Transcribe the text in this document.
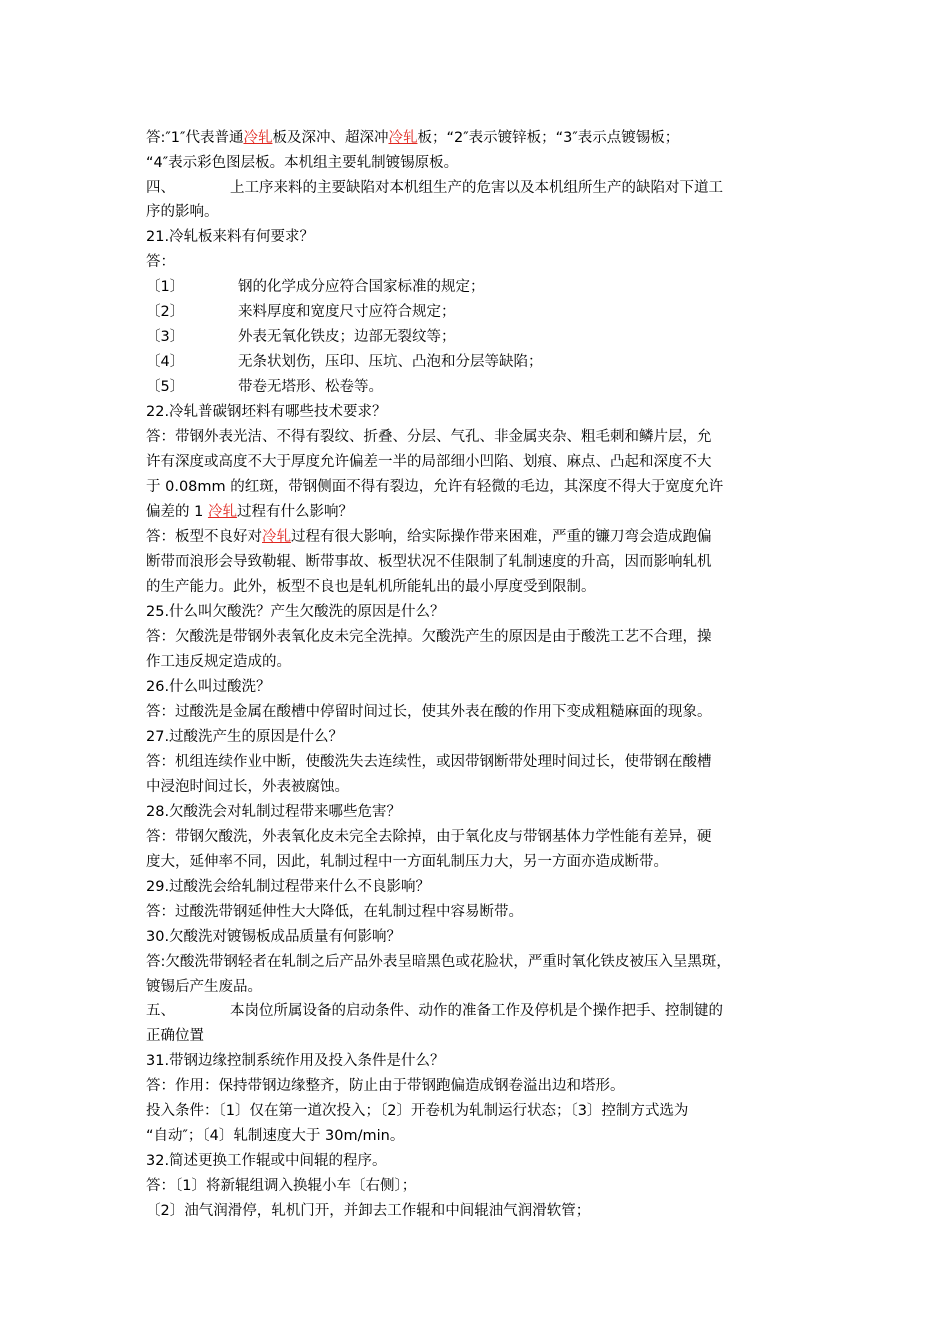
答:″1″代表普通冷轧板及深冲、超深冲冷轧板；“2″表示镀锌板；“3″表示点镀锡板；
“4″表示彩色图层板。本机组主要轧制镀锡原板。
四、	上工序来料的主要缺陷对本机组生产的危害以及本机组所生产的缺陷对下道工
序的影响。
21.冷轧板来料有何要求？
答：
〔1〕	钢的化学成分应符合国家标准的规定；
〔2〕	来料厚度和宽度尺寸应符合规定；
〔3〕	外表无氧化铁皮；边部无裂纹等；
〔4〕	无条状划伤，压印、压坑、凸泡和分层等缺陷；
〔5〕	带卷无塔形、松卷等。
22.冷轧普碳钢坯料有哪些技术要求？
答：带钢外表光洁、不得有裂纹、折叠、分层、气孔、非金属夹杂、粗毛刺和鳞片层，允
许有深度或高度不大于厚度允许偏差一半的局部细小凹陷、划痕、麻点、凸起和深度不大
于 0.08mm 的红斑，带钢侧面不得有裂边，允许有轻微的毛边，其深度不得大于宽度允许
偏差的 1 冷轧过程有什么影响？
答：板型不良好对冷轧过程有很大影响，给实际操作带来困难，严重的镰刀弯会造成跑偏
断带而浪形会导致勒辊、断带事故、板型状况不佳限制了轧制速度的升高，因而影响轧机
的生产能力。此外，板型不良也是轧机所能轧出的最小厚度受到限制。
25.什么叫欠酸洗？产生欠酸洗的原因是什么？
答：欠酸洗是带钢外表氧化皮未完全洗掉。欠酸洗产生的原因是由于酸洗工艺不合理，操
作工违反规定造成的。
26.什么叫过酸洗？
答：过酸洗是金属在酸槽中停留时间过长，使其外表在酸的作用下变成粗糙麻面的现象。
27.过酸洗产生的原因是什么？
答：机组连续作业中断，使酸洗失去连续性，或因带钢断带处理时间过长，使带钢在酸槽
中浸泡时间过长，外表被腐蚀。
28.欠酸洗会对轧制过程带来哪些危害？
答：带钢欠酸洗，外表氧化皮未完全去除掉，由于氧化皮与带钢基体力学性能有差异，硬
度大，延伸率不同，因此，轧制过程中一方面轧制压力大，另一方面亦造成断带。
29.过酸洗会给轧制过程带来什么不良影响？
答：过酸洗带钢延伸性大大降低，在轧制过程中容易断带。
30.欠酸洗对镀锡板成品质量有何影响？
答:欠酸洗带钢轻者在轧制之后产品外表呈暗黑色或花脸状，严重时氧化铁皮被压入呈黑斑，
镀锡后产生废品。
五、	本岗位所属设备的启动条件、动作的准备工作及停机是个操作把手、控制键的
正确位置
31.带钢边缘控制系统作用及投入条件是什么？
答：作用：保持带钢边缘整齐，防止由于带钢跑偏造成钢卷溢出边和塔形。
投入条件：〔1〕仅在第一道次投入；〔2〕开卷机为轧制运行状态；〔3〕控制方式选为
“自动″；〔4〕轧制速度大于 30m/min。
32.简述更换工作辊或中间辊的程序。
答：〔1〕将新辊组调入换辊小车〔右侧〕；
〔2〕油气润滑停，轧机门开，并卸去工作辊和中间辊油气润滑软管；
